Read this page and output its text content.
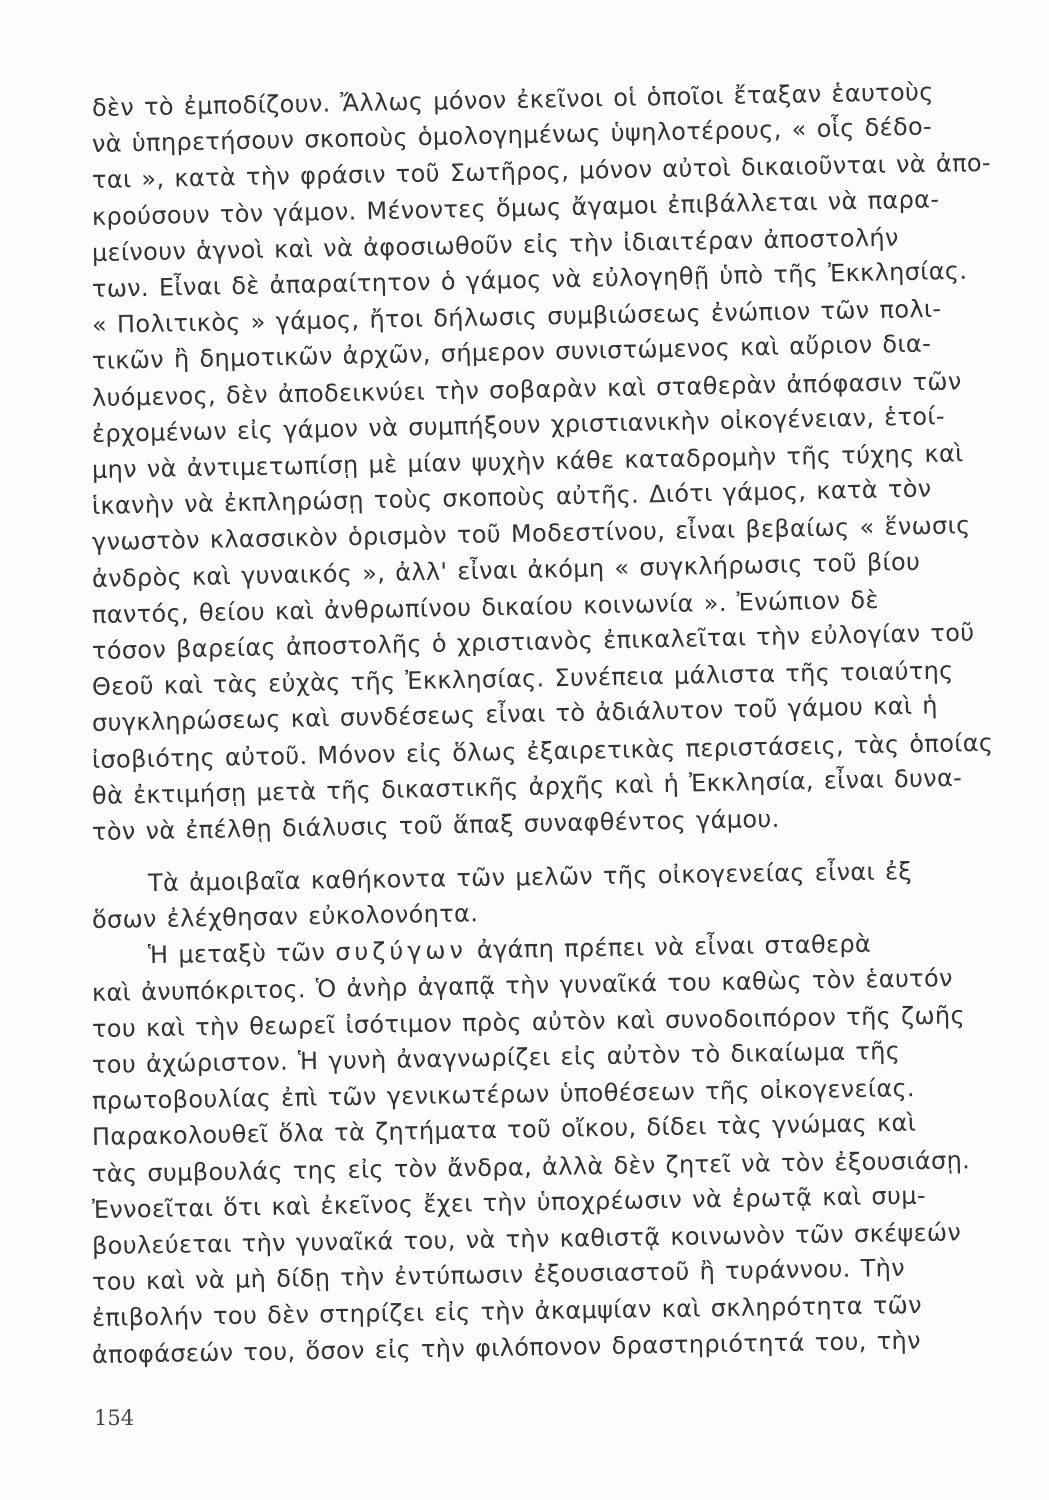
δὲν τὸ ἐμποδίζουν. Ἄλλως μόνον ἐκεῖνοι οἱ ὁποῖοι ἔταξαν ἑαυτοὺς
νὰ ὑπηρετήσουν σκοποὺς ὁμολογημένως ὑψηλοτέρους, « οἷς δέδο-
ται », κατὰ τὴν φράσιν τοῦ Σωτῆρος, μόνον αὐτοὶ δικαιοῦνται νὰ ἀπο-
κρούσουν τὸν γάμον. Μένοντες ὅμως ἄγαμοι ἐπιβάλλεται νὰ παρα-
μείνουν ἁγνοὶ καὶ νὰ ἀφοσιωθοῦν εἰς τὴν ἰδιαιτέραν ἀποστολήν
των. Εἶναι δὲ ἀπαραίτητον ὁ γάμος νὰ εὐλογηθῇ ὑπὸ τῆς Ἐκκλησίας.
« Πολιτικὸς » γάμος, ἤτοι δήλωσις συμβιώσεως ἐνώπιον τῶν πολι-
τικῶν ἢ δημοτικῶν ἀρχῶν, σήμερον συνιστώμενος καὶ αὔριον δια-
λυόμενος, δὲν ἀποδεικνύει τὴν σοβαρὰν καὶ σταθερὰν ἀπόφασιν τῶν
ἐρχομένων εἰς γάμον νὰ συμπήξουν χριστιανικὴν οἰκογένειαν, ἑτοί-
μην νὰ ἀντιμετωπίσῃ μὲ μίαν ψυχὴν κάθε καταδρομὴν τῆς τύχης καὶ
ἱκανὴν νὰ ἐκπληρώσῃ τοὺς σκοποὺς αὐτῆς. Διότι γάμος, κατὰ τὸν
γνωστὸν κλασσικὸν ὁρισμὸν τοῦ Μοδεστίνου, εἶναι βεβαίως « ἕνωσις
ἀνδρὸς καὶ γυναικός », ἀλλ' εἶναι ἀκόμη « συγκλήρωσις τοῦ βίου
παντός, θείου καὶ ἀνθρωπίνου δικαίου κοινωνία ». Ἐνώπιον δὲ
τόσον βαρείας ἀποστολῆς ὁ χριστιανὸς ἐπικαλεῖται τὴν εὐλογίαν τοῦ
Θεοῦ καὶ τὰς εὐχὰς τῆς Ἐκκλησίας. Συνέπεια μάλιστα τῆς τοιαύτης
συγκληρώσεως καὶ συνδέσεως εἶναι τὸ ἀδιάλυτον τοῦ γάμου καὶ ἡ
ἰσοβιότης αὐτοῦ. Μόνον εἰς ὅλως ἐξαιρετικὰς περιστάσεις, τὰς ὁποίας
θὰ ἐκτιμήσῃ μετὰ τῆς δικαστικῆς ἀρχῆς καὶ ἡ Ἐκκλησία, εἶναι δυνα-
τὸν νὰ ἐπέλθῃ διάλυσις τοῦ ἅπαξ συναφθέντος γάμου.
Τὰ ἀμοιβαῖα καθήκοντα τῶν μελῶν τῆς οἰκογενείας εἶναι ἐξ
ὅσων ἐλέχθησαν εὐκολονόητα.
Ἡ μεταξὺ τῶν συζύγων ἀγάπη πρέπει νὰ εἶναι σταθερὰ
καὶ ἀνυπόκριτος. Ὁ ἀνὴρ ἀγαπᾷ τὴν γυναῖκά του καθὼς τὸν ἑαυτόν
του καὶ τὴν θεωρεῖ ἰσότιμον πρὸς αὐτὸν καὶ συνοδοιπόρον τῆς ζωῆς
του ἀχώριστον. Ἡ γυνὴ ἀναγνωρίζει εἰς αὐτὸν τὸ δικαίωμα τῆς
πρωτοβουλίας ἐπὶ τῶν γενικωτέρων ὑποθέσεων τῆς οἰκογενείας.
Παρακολουθεῖ ὅλα τὰ ζητήματα τοῦ οἴκου, δίδει τὰς γνώμας καὶ
τὰς συμβουλάς της εἰς τὸν ἄνδρα, ἀλλὰ δὲν ζητεῖ νὰ τὸν ἐξουσιάσῃ.
Ἐννοεῖται ὅτι καὶ ἐκεῖνος ἔχει τὴν ὑποχρέωσιν νὰ ἐρωτᾷ καὶ συμ-
βουλεύεται τὴν γυναῖκά του, νὰ τὴν καθιστᾷ κοινωνὸν τῶν σκέψεών
του καὶ νὰ μὴ δίδῃ τὴν ἐντύπωσιν ἐξουσιαστοῦ ἢ τυράννου. Τὴν
ἐπιβολήν του δὲν στηρίζει εἰς τὴν ἀκαμψίαν καὶ σκληρότητα τῶν
ἀποφάσεών του, ὅσον εἰς τὴν φιλόπονον δραστηριότητά του, τὴν
154
